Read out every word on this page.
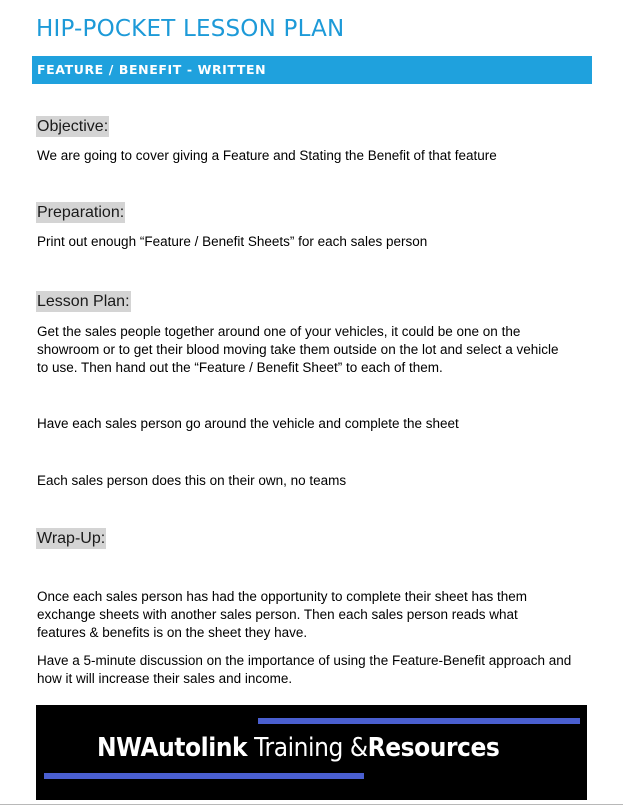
HIP-POCKET LESSON PLAN
FEATURE / BENEFIT - WRITTEN
Objective:
We are going to cover giving a Feature and Stating the Benefit of that feature
Preparation:
Print out enough “Feature / Benefit Sheets” for each sales person
Lesson Plan:
Get the sales people together around one of your vehicles, it could be one on the showroom or to get their blood moving take them outside on the lot and select a vehicle to use. Then hand out the “Feature / Benefit Sheet” to each of them.
Have each sales person go around the vehicle and complete the sheet
Each sales person does this on their own, no teams
Wrap-Up:
Once each sales person has had the opportunity to complete their sheet has them exchange sheets with another sales person. Then each sales person reads what features & benefits is on the sheet they have.
Have a 5-minute discussion on the importance of using the Feature-Benefit approach and how it will increase their sales and income.
NWAutolink Training &Resources
